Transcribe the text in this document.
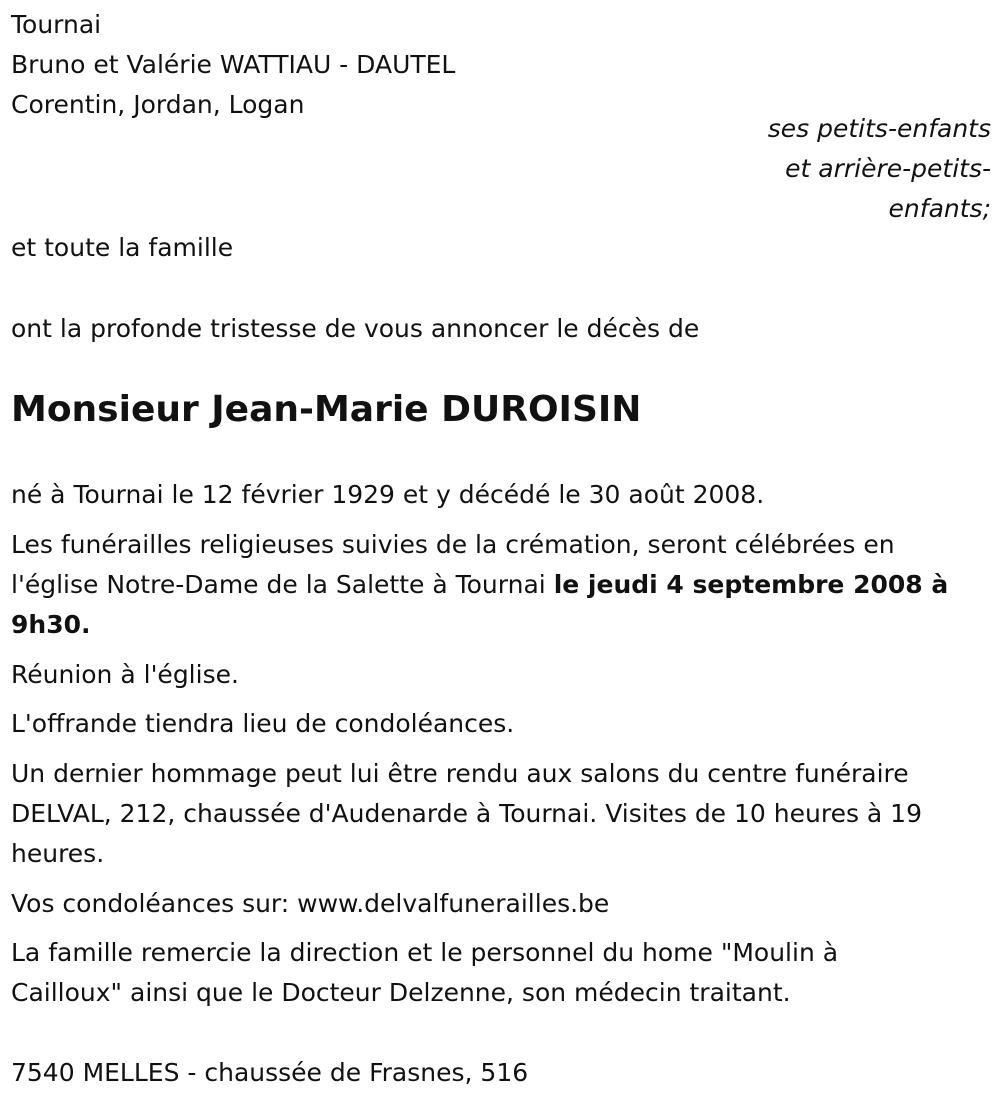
Tournai
Bruno et Valérie WATTIAU - DAUTEL
Corentin, Jordan, Logan
ses petits-enfants
et arrière-petits-
enfants;
et toute la famille
ont la profonde tristesse de vous annoncer le décès de
Monsieur Jean-Marie DUROISIN
né à Tournai le 12 février 1929 et y décédé le 30 août 2008.
Les funérailles religieuses suivies de la crémation, seront célébrées en
l'église Notre-Dame de la Salette à Tournai le jeudi 4 septembre 2008 à
9h30.
Réunion à l'église.
L'offrande tiendra lieu de condoléances.
Un dernier hommage peut lui être rendu aux salons du centre funéraire
DELVAL, 212, chaussée d'Audenarde à Tournai. Visites de 10 heures à 19
heures.
Vos condoléances sur: www.delvalfunerailles.be
La famille remercie la direction et le personnel du home "Moulin à
Cailloux" ainsi que le Docteur Delzenne, son médecin traitant.
7540 MELLES - chaussée de Frasnes, 516
